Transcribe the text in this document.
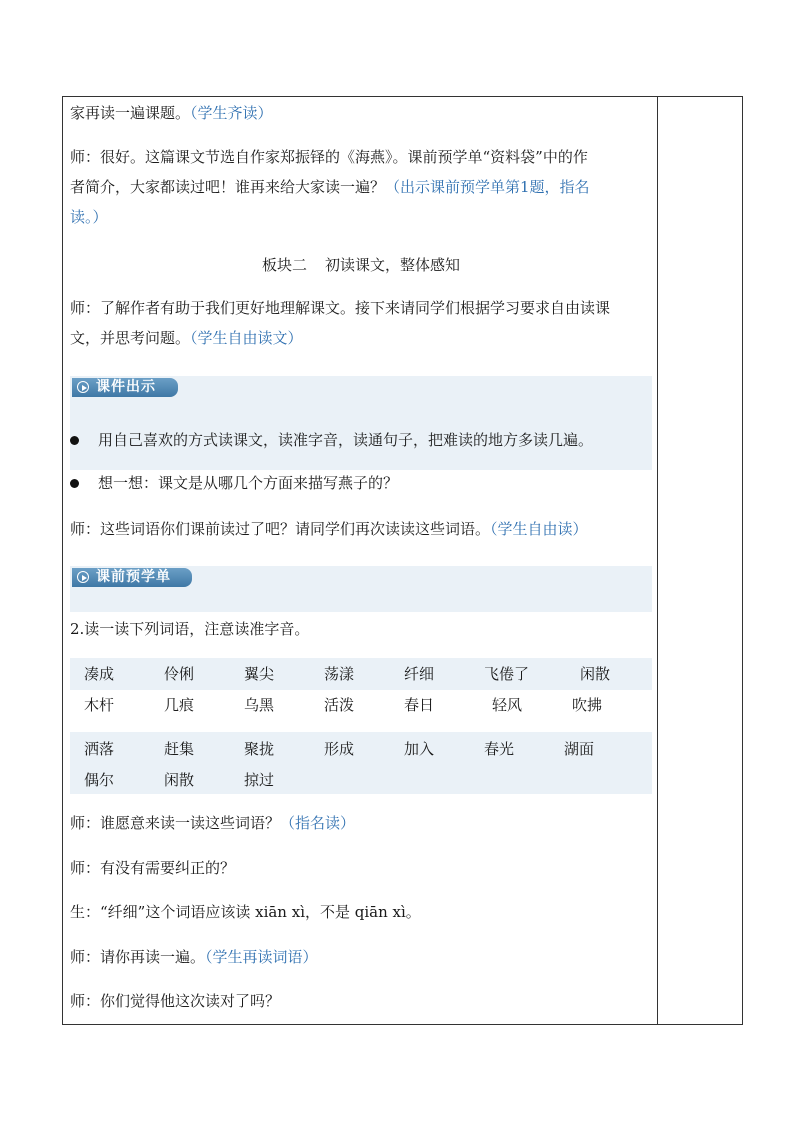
家再读一遍课题。（学生齐读）

师：很好。这篇课文节选自作家郑振铎的《海燕》。课前预学单“资料袋”中的作
者简介，大家都读过吧！谁再来给大家读一遍？（出示课前预学单第1题，指名
读。）

板块二 初读课文，整体感知

师：了解作者有助于我们更好地理解课文。接下来请同学们根据学习要求自由读课
文，并思考问题。（学生自由读文）

课件出示
用自己喜欢的方式读课文，读准字音，读通句子，把难读的地方多读几遍。
想一想：课文是从哪几个方面来描写燕子的？

师：这些词语你们课前读过了吧？请同学们再次读读这些词语。（学生自由读）

课前预学单

2.读一读下列词语，注意读准字音。

凑成	伶俐	翼尖	荡漾	纤细	飞倦了	闲散
木杆	几痕	乌黑	活泼	春日	轻风	吹拂
洒落	赶集	聚拢	形成	加入	春光	湖面
偶尔	闲散	掠过

师：谁愿意来读一读这些词语？（指名读）

师：有没有需要纠正的？

生：“纤细”这个词语应该读 xiān xì，不是 qiān xì。

师：请你再读一遍。（学生再读词语）

师：你们觉得他这次读对了吗？
